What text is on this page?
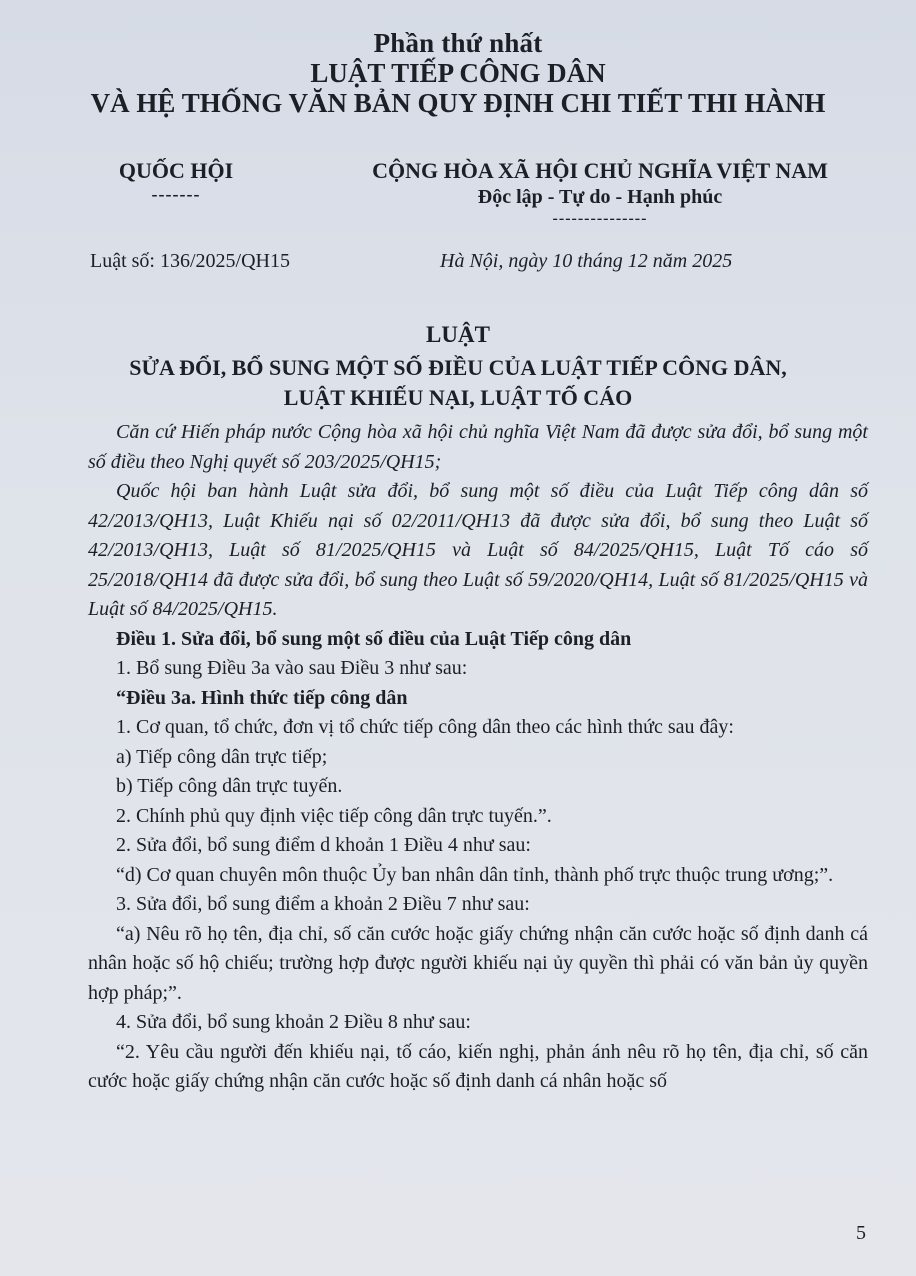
Phần thứ nhất
LUẬT TIẾP CÔNG DÂN
VÀ HỆ THỐNG VĂN BẢN QUY ĐỊNH CHI TIẾT THI HÀNH
QUỐC HỘI
-------
CỘNG HÒA XÃ HỘI CHỦ NGHĨA VIỆT NAM
Độc lập - Tự do - Hạnh phúc
---------------
Luật số: 136/2025/QH15	Hà Nội, ngày 10 tháng 12 năm 2025
LUẬT
SỬA ĐỔI, BỔ SUNG MỘT SỐ ĐIỀU CỦA LUẬT TIẾP CÔNG DÂN,
LUẬT KHIẾU NẠI, LUẬT TỐ CÁO

Căn cứ Hiến pháp nước Cộng hòa xã hội chủ nghĩa Việt Nam đã được sửa đổi, bổ sung một số điều theo Nghị quyết số 203/2025/QH15;

Quốc hội ban hành Luật sửa đổi, bổ sung một số điều của Luật Tiếp công dân số 42/2013/QH13, Luật Khiếu nại số 02/2011/QH13 đã được sửa đổi, bổ sung theo Luật số 42/2013/QH13, Luật số 81/2025/QH15 và Luật số 84/2025/QH15, Luật Tố cáo số 25/2018/QH14 đã được sửa đổi, bổ sung theo Luật số 59/2020/QH14, Luật số 81/2025/QH15 và Luật số 84/2025/QH15.

Điều 1. Sửa đổi, bổ sung một số điều của Luật Tiếp công dân

1. Bổ sung Điều 3a vào sau Điều 3 như sau:

“Điều 3a. Hình thức tiếp công dân

1. Cơ quan, tổ chức, đơn vị tổ chức tiếp công dân theo các hình thức sau đây:

a) Tiếp công dân trực tiếp;

b) Tiếp công dân trực tuyến.

2. Chính phủ quy định việc tiếp công dân trực tuyến.”.

2. Sửa đổi, bổ sung điểm d khoản 1 Điều 4 như sau:

“d) Cơ quan chuyên môn thuộc Ủy ban nhân dân tỉnh, thành phố trực thuộc trung ương;”.

3. Sửa đổi, bổ sung điểm a khoản 2 Điều 7 như sau:

“a) Nêu rõ họ tên, địa chỉ, số căn cước hoặc giấy chứng nhận căn cước hoặc số định danh cá nhân hoặc số hộ chiếu; trường hợp được người khiếu nại ủy quyền thì phải có văn bản ủy quyền hợp pháp;”.

4. Sửa đổi, bổ sung khoản 2 Điều 8 như sau:

“2. Yêu cầu người đến khiếu nại, tố cáo, kiến nghị, phản ánh nêu rõ họ tên, địa chỉ, số căn cước hoặc giấy chứng nhận căn cước hoặc số định danh cá nhân hoặc số

5
